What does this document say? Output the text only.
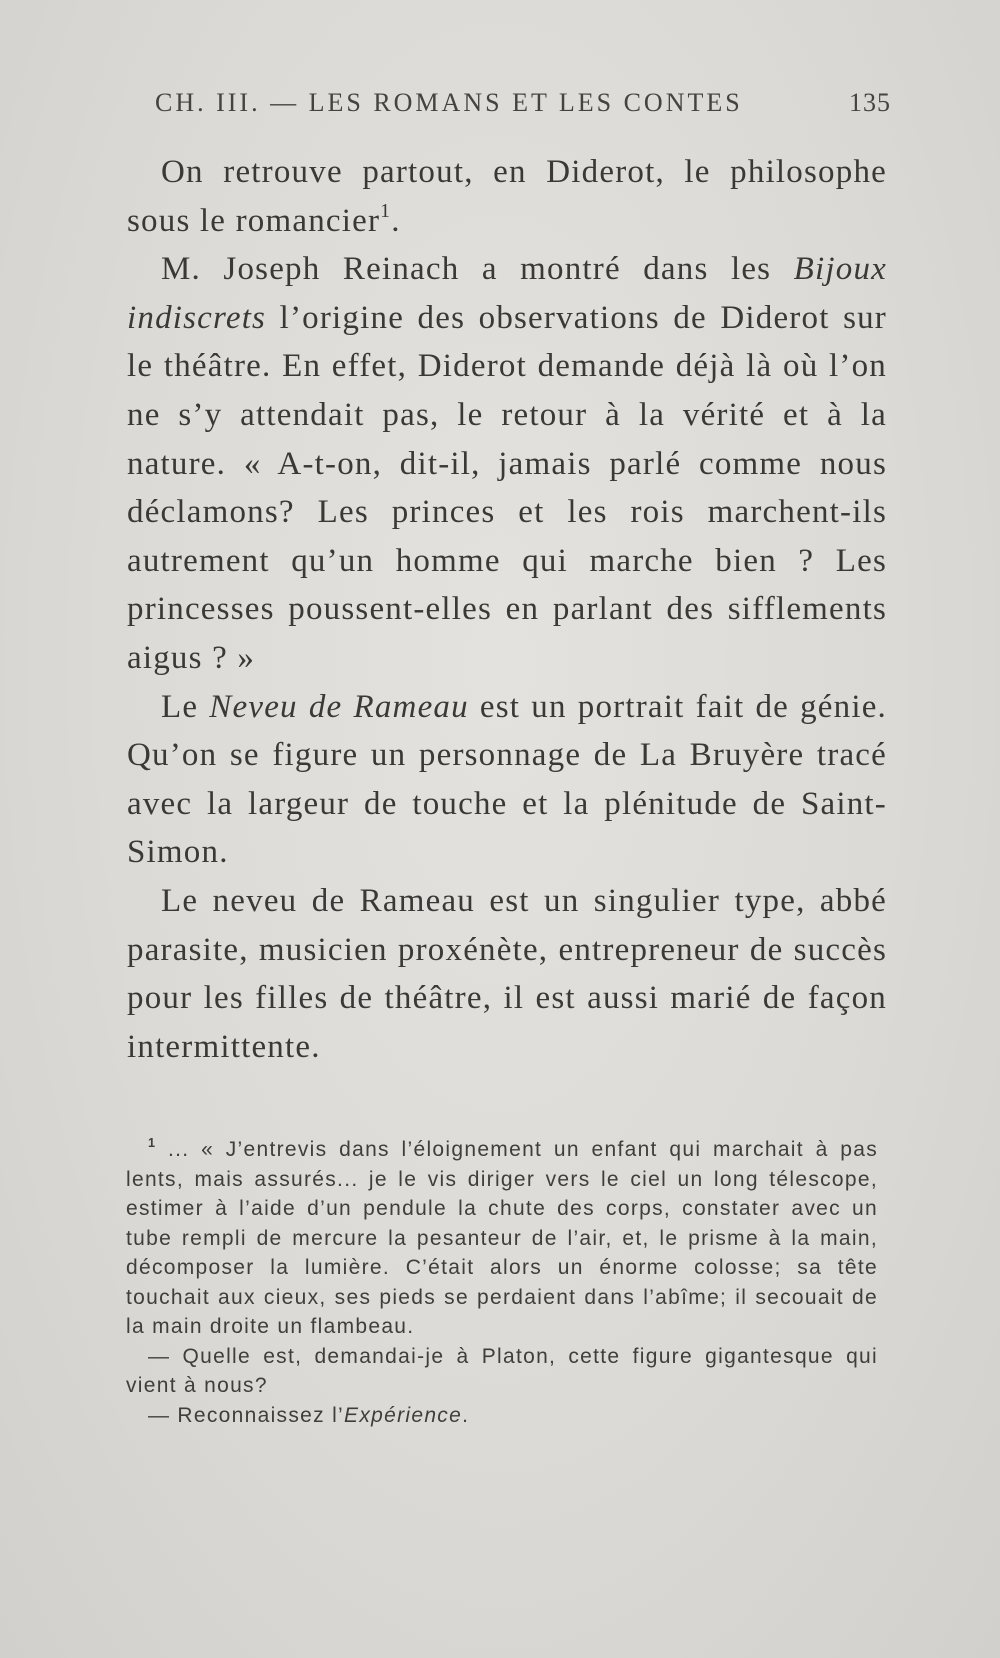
CH. III. — LES ROMANS ET LES CONTES	135

On retrouve partout, en Diderot, le philosophe sous le romancier$^1$.

M. Joseph Reinach a montré dans les Bijoux indiscrets l’origine des observations de Diderot sur le théâtre. En effet, Diderot demande déjà là où l’on ne s’y attendait pas, le retour à la vérité et à la nature. « A-t-on, dit-il, jamais parlé comme nous déclamons? Les princes et les rois marchent-ils autrement qu’un homme qui marche bien ? Les princesses poussent-elles en parlant des sifflements aigus ? »

Le Neveu de Rameau est un portrait fait de génie. Qu’on se figure un personnage de La Bruyère tracé avec la largeur de touche et la plénitude de Saint-Simon.

Le neveu de Rameau est un singulier type, abbé parasite, musicien proxénète, entrepreneur de succès pour les filles de théâtre, il est aussi marié de façon intermittente.

$^1$ ... « J’entrevis dans l’éloignement un enfant qui marchait à pas lents, mais assurés... je le vis diriger vers le ciel un long télescope, estimer à l’aide d’un pendule la chute des corps, constater avec un tube rempli de mercure la pesanteur de l’air, et, le prisme à la main, décomposer la lumière. C’était alors un énorme colosse; sa tête touchait aux cieux, ses pieds se perdaient dans l’abîme; il secouait de la main droite un flambeau.

— Quelle est, demandai-je à Platon, cette figure gigantesque qui vient à nous?

— Reconnaissez l’Expérience.
